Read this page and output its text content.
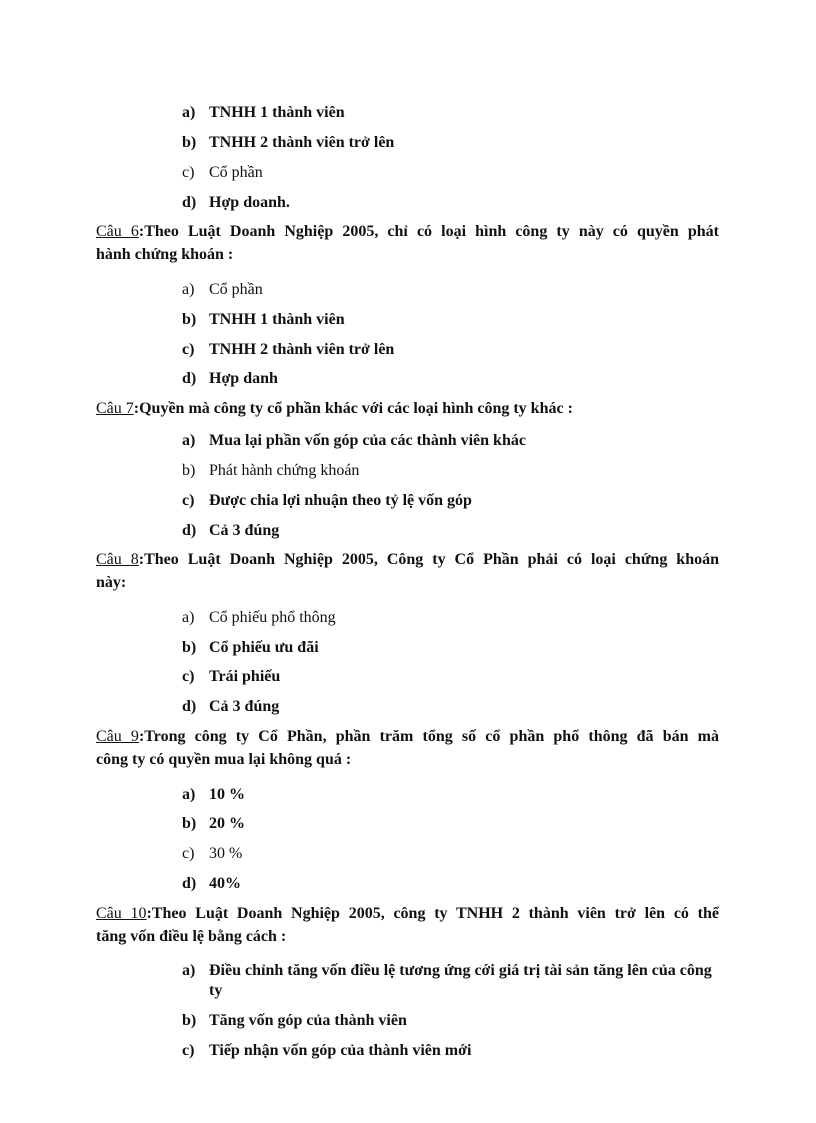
a) TNHH 1 thành viên
b) TNHH 2 thành viên trở lên
c) Cổ phần
d) Hợp doanh.
Câu 6:Theo Luật Doanh Nghiệp 2005, chỉ có loại hình công ty này có quyền phát
hành chứng khoán :
a) Cổ phần
b) TNHH 1 thành viên
c) TNHH 2 thành viên trở lên
d) Hợp danh
Câu 7:Quyền mà công ty cổ phần khác với các loại hình công ty khác :
a) Mua lại phần vốn góp của các thành viên khác
b) Phát hành chứng khoán
c) Được chia lợi nhuận theo tỷ lệ vốn góp
d) Cả 3 đúng
Câu 8:Theo Luật Doanh Nghiệp 2005, Công ty Cổ Phần phải có loại chứng khoán
này:
a) Cổ phiếu phổ thông
b) Cổ phiếu ưu đãi
c) Trái phiếu
d) Cả 3 đúng
Câu 9:Trong công ty Cổ Phần, phần trăm tổng số cổ phần phổ thông đã bán mà
công ty có quyền mua lại không quá :
a) 10 %
b) 20 %
c) 30 %
d) 40%
Câu 10:Theo Luật Doanh Nghiệp 2005, công ty TNHH 2 thành viên trở lên có thể
tăng vốn điều lệ bằng cách :
a) Điều chỉnh tăng vốn điều lệ tương ứng cới giá trị tài sản tăng lên của công ty
b) Tăng vốn góp của thành viên
c) Tiếp nhận vốn góp của thành viên mới
